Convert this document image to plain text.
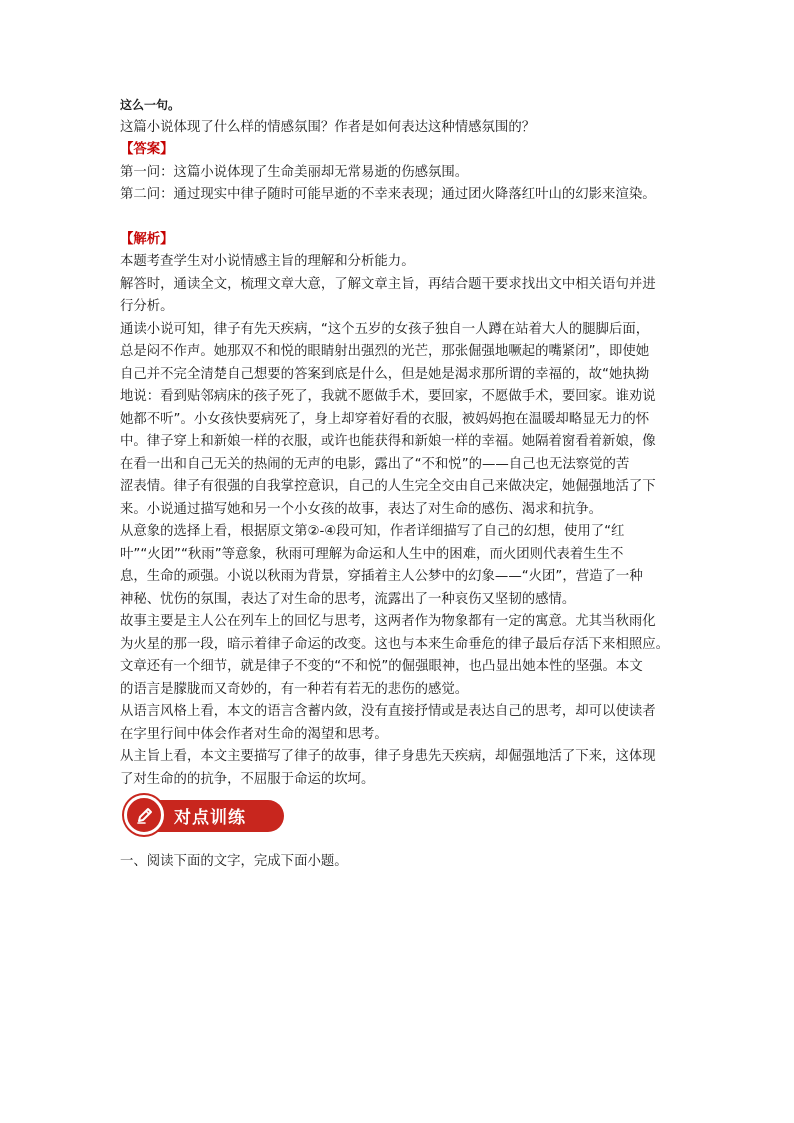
这么一句。

这篇小说体现了什么样的情感氛围？作者是如何表达这种情感氛围的？

【答案】

第一问：这篇小说体现了生命美丽却无常易逝的伤感氛围。

第二问：通过现实中律子随时可能早逝的不幸来表现；通过团火降落红叶山的幻影来渲染。

【解析】

本题考查学生对小说情感主旨的理解和分析能力。

解答时，通读全文，梳理文章大意，了解文章主旨，再结合题干要求找出文中相关语句并进

行分析。

通读小说可知，律子有先天疾病，“这个五岁的女孩子独自一人蹲在站着大人的腿脚后面，

总是闷不作声。她那双不和悦的眼睛射出强烈的光芒，那张倔强地噘起的嘴紧闭”，即使她

自己并不完全清楚自己想要的答案到底是什么，但是她是渴求那所谓的幸福的，故“她执拗

地说：看到贴邻病床的孩子死了，我就不愿做手术，要回家，不愿做手术，要回家。谁劝说

她都不听”。小女孩快要病死了，身上却穿着好看的衣服，被妈妈抱在温暖却略显无力的怀

中。律子穿上和新娘一样的衣服，或许也能获得和新娘一样的幸福。她隔着窗看着新娘，像

在看一出和自己无关的热闹的无声的电影，露出了“不和悦”的——自己也无法察觉的苦

涩表情。律子有很强的自我掌控意识，自己的人生完全交由自己来做决定，她倔强地活了下

来。小说通过描写她和另一个小女孩的故事，表达了对生命的感伤、渴求和抗争。

从意象的选择上看，根据原文第②-④段可知，作者详细描写了自己的幻想，使用了“红

叶”“火团”“秋雨”等意象，秋雨可理解为命运和人生中的困难，而火团则代表着生生不

息，生命的顽强。小说以秋雨为背景，穿插着主人公梦中的幻象——“火团”，营造了一种

神秘、忧伤的氛围，表达了对生命的思考，流露出了一种哀伤又坚韧的感情。

故事主要是主人公在列车上的回忆与思考，这两者作为物象都有一定的寓意。尤其当秋雨化

为火星的那一段，暗示着律子命运的改变。这也与本来生命垂危的律子最后存活下来相照应。

文章还有一个细节，就是律子不变的“不和悦”的倔强眼神，也凸显出她本性的坚强。本文

的语言是朦胧而又奇妙的，有一种若有若无的悲伤的感觉。

从语言风格上看，本文的语言含蓄内敛，没有直接抒情或是表达自己的思考，却可以使读者

在字里行间中体会作者对生命的渴望和思考。

从主旨上看，本文主要描写了律子的故事，律子身患先天疾病，却倔强地活了下来，这体现

了对生命的的抗争，不屈服于命运的坎坷。

对点训练

一、阅读下面的文字，完成下面小题。
